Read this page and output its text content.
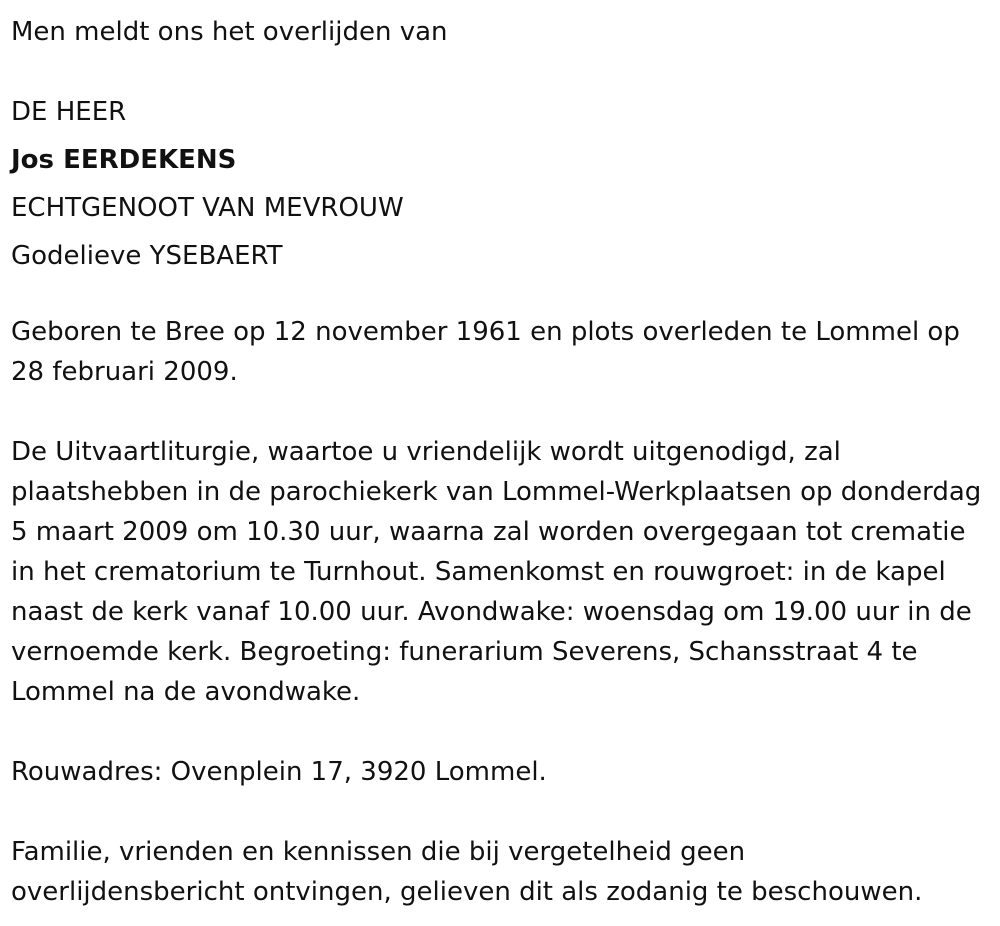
Men meldt ons het overlijden van

DE HEER

Jos EERDEKENS

ECHTGENOOT VAN MEVROUW

Godelieve YSEBAERT

Geboren te Bree op 12 november 1961 en plots overleden te Lommel op 28 februari 2009.

De Uitvaartliturgie, waartoe u vriendelijk wordt uitgenodigd, zal plaatshebben in de parochiekerk van Lommel-Werkplaatsen op donderdag 5 maart 2009 om 10.30 uur, waarna zal worden overgegaan tot crematie in het crematorium te Turnhout. Samenkomst en rouwgroet: in de kapel naast de kerk vanaf 10.00 uur. Avondwake: woensdag om 19.00 uur in de vernoemde kerk. Begroeting: funerarium Severens, Schansstraat 4 te Lommel na de avondwake.

Rouwadres: Ovenplein 17, 3920 Lommel.

Familie, vrienden en kennissen die bij vergetelheid geen overlijdensbericht ontvingen, gelieven dit als zodanig te beschouwen.
